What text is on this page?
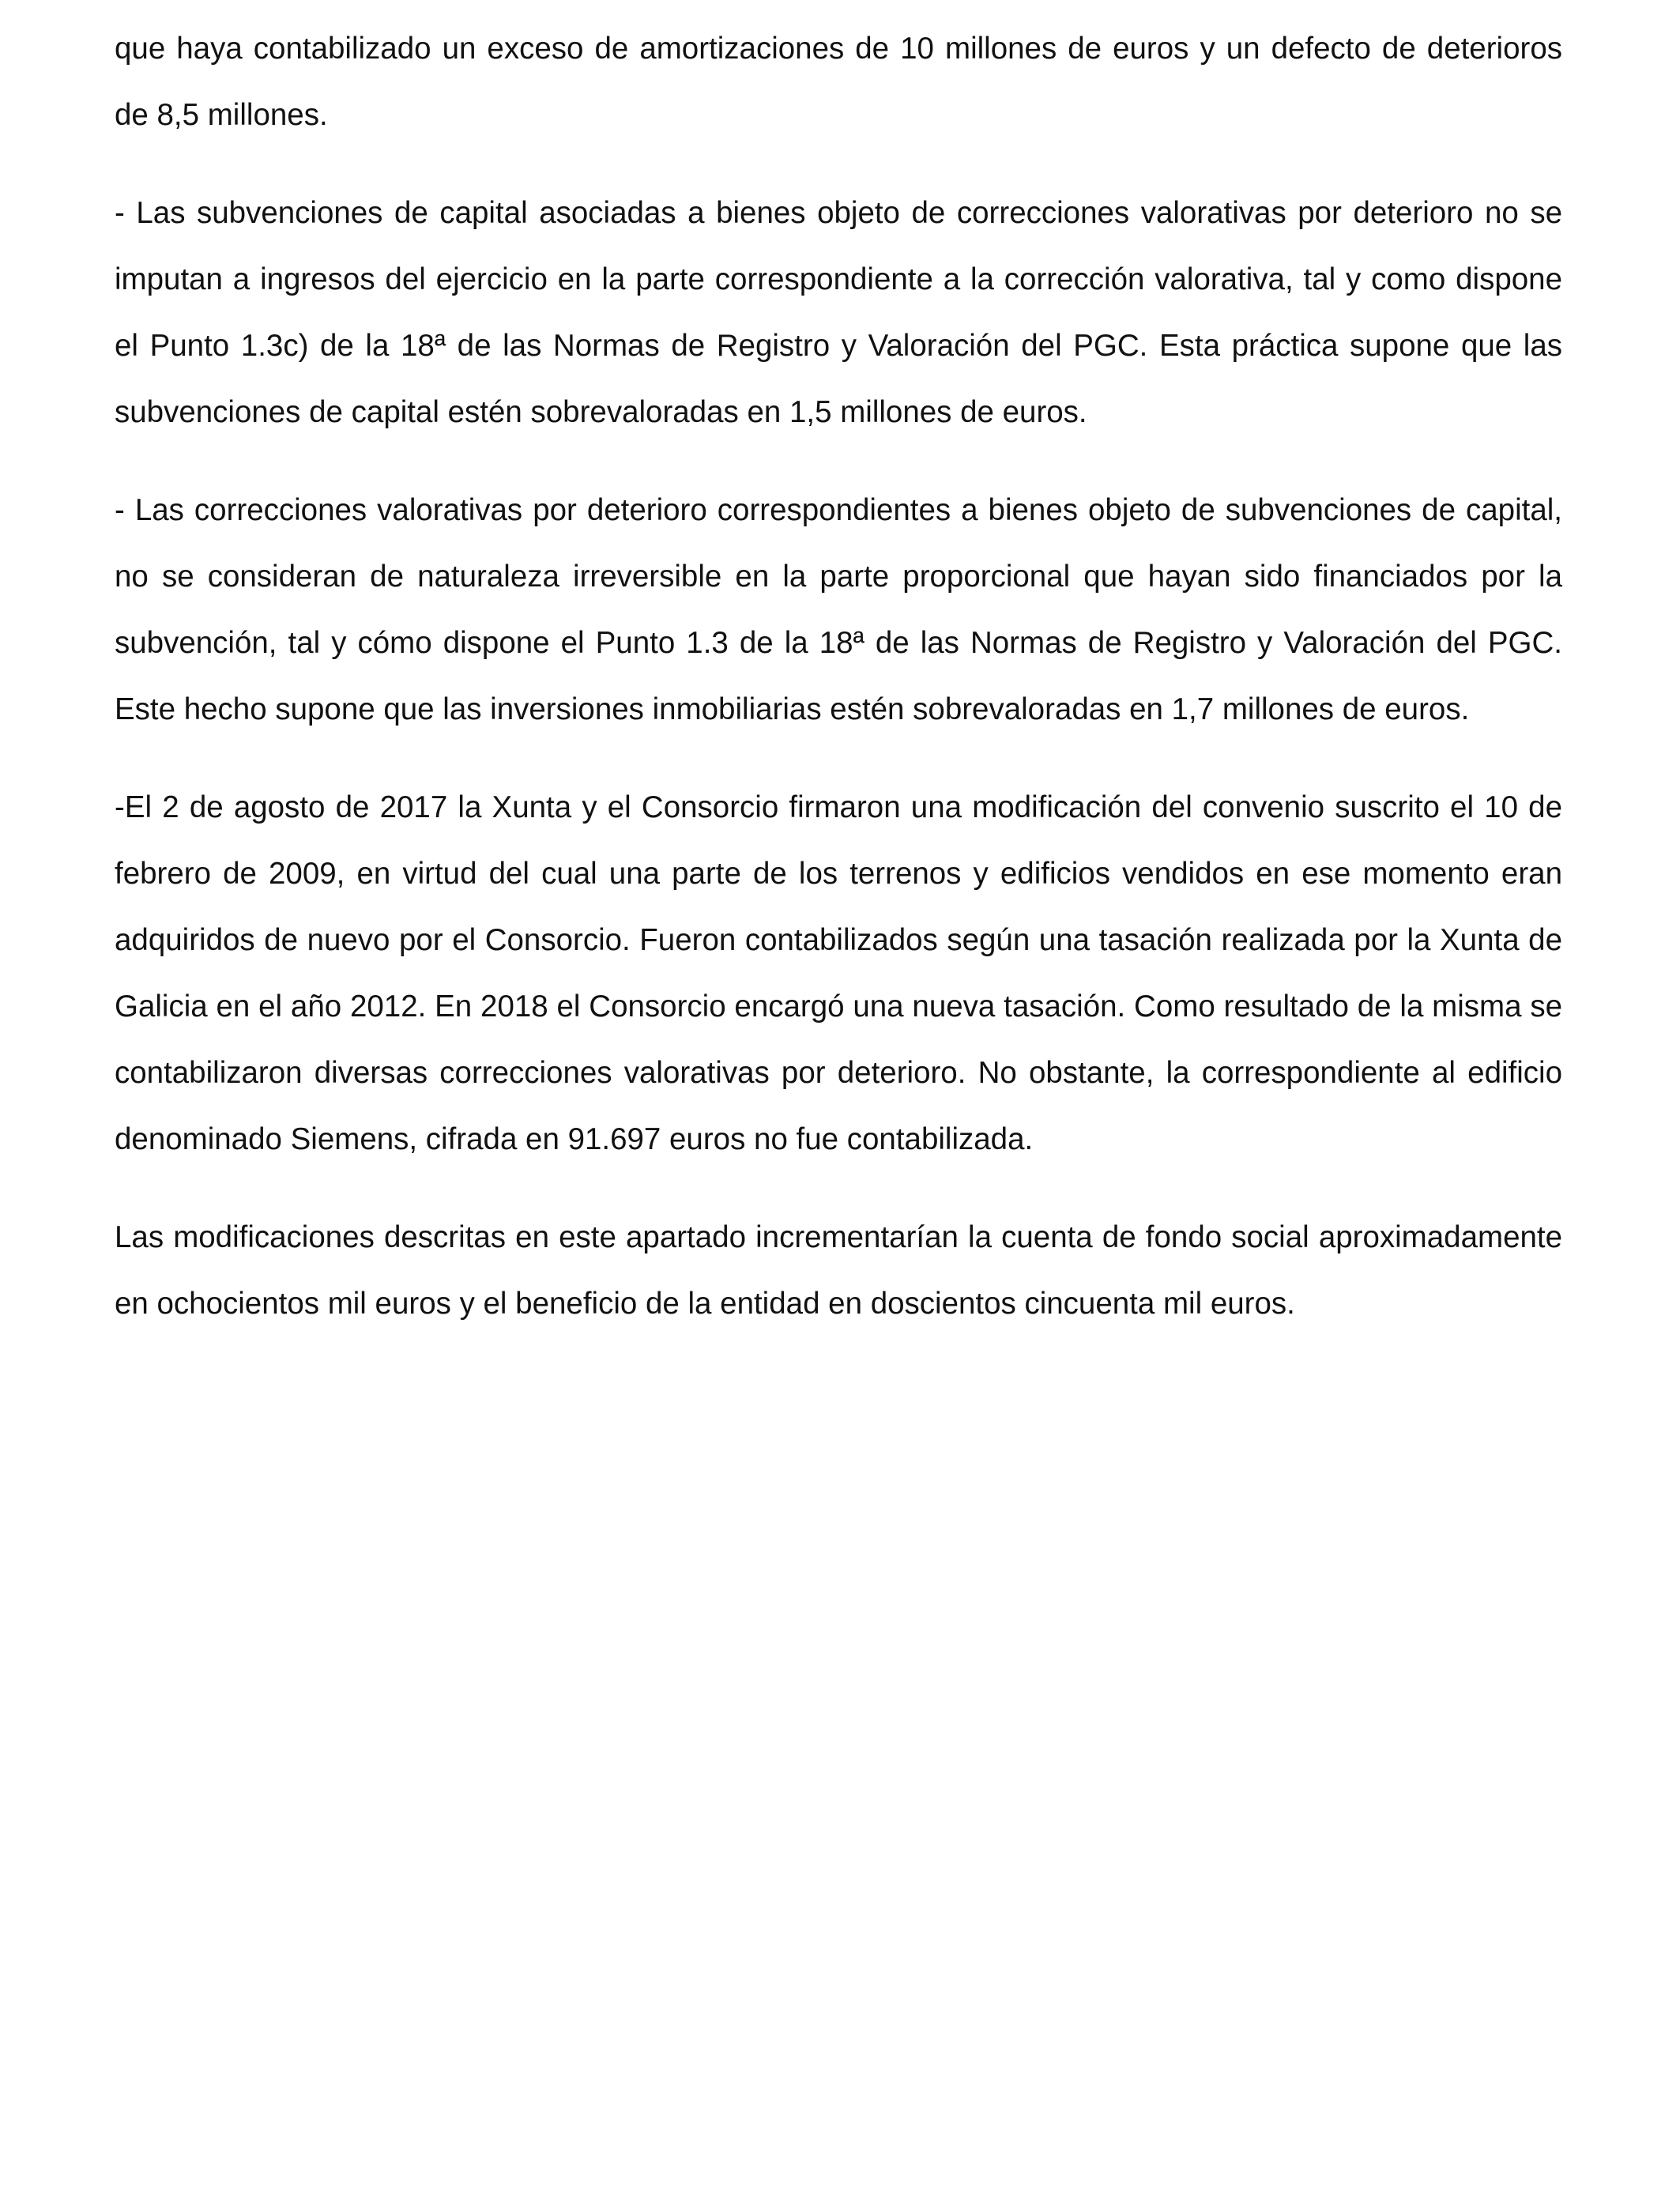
que haya contabilizado un exceso de amortizaciones de 10 millones de euros y un defecto de deterioros de 8,5 millones.

- Las subvenciones de capital asociadas a bienes objeto de correcciones valorativas por deterioro no se imputan a ingresos del ejercicio en la parte correspondiente a la corrección valorativa, tal y como dispone el Punto 1.3c) de la 18ª de las Normas de Registro y Valoración del PGC. Esta práctica supone que las subvenciones de capital estén sobrevaloradas en 1,5 millones de euros.

- Las correcciones valorativas por deterioro correspondientes a bienes objeto de subvenciones de capital, no se consideran de naturaleza irreversible en la parte proporcional que hayan sido financiados por la subvención, tal y cómo dispone el Punto 1.3 de la 18ª de las Normas de Registro y Valoración del PGC. Este hecho supone que las inversiones inmobiliarias estén sobrevaloradas en 1,7 millones de euros.

-El 2 de agosto de 2017 la Xunta y el Consorcio firmaron una modificación del convenio suscrito el 10 de febrero de 2009, en virtud del cual una parte de los terrenos y edificios vendidos en ese momento eran adquiridos de nuevo por el Consorcio. Fueron contabilizados según una tasación realizada por la Xunta de Galicia en el año 2012. En 2018 el Consorcio encargó una nueva tasación. Como resultado de la misma se contabilizaron diversas correcciones valorativas por deterioro. No obstante, la correspondiente al edificio denominado Siemens, cifrada en 91.697 euros no fue contabilizada.

Las modificaciones descritas en este apartado incrementarían la cuenta de fondo social aproximadamente en ochocientos mil euros y el beneficio de la entidad en doscientos cincuenta mil euros.
